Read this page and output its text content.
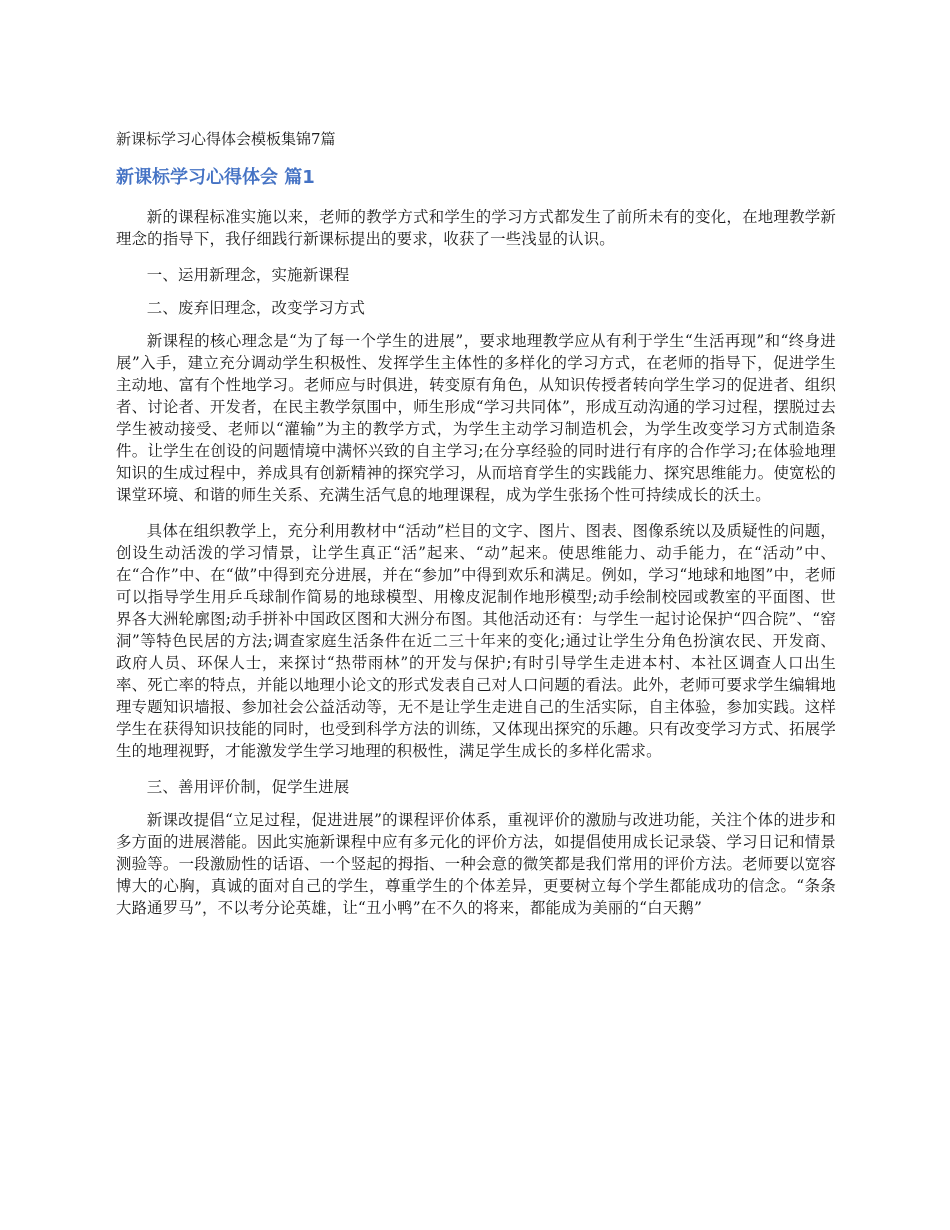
新课标学习心得体会模板集锦7篇
新课标学习心得体会 篇1

新的课程标准实施以来，老师的教学方式和学生的学习方式都发生了前所未有的变化，在地理教学新理念的指导下，我仔细践行新课标提出的要求，收获了一些浅显的认识。

一、运用新理念，实施新课程

二、废弃旧理念，改变学习方式

新课程的核心理念是“为了每一个学生的进展”，要求地理教学应从有利于学生“生活再现”和“终身进展”入手，建立充分调动学生积极性、发挥学生主体性的多样化的学习方式，在老师的指导下，促进学生主动地、富有个性地学习。老师应与时俱进，转变原有角色，从知识传授者转向学生学习的促进者、组织者、讨论者、开发者，在民主教学氛围中，师生形成“学习共同体”，形成互动沟通的学习过程，摆脱过去学生被动接受、老师以“灌输”为主的教学方式，为学生主动学习制造机会，为学生改变学习方式制造条件。让学生在创设的问题情境中满怀兴致的自主学习;在分享经验的同时进行有序的合作学习;在体验地理知识的生成过程中，养成具有创新精神的探究学习，从而培育学生的实践能力、探究思维能力。使宽松的课堂环境、和谐的师生关系、充满生活气息的地理课程，成为学生张扬个性可持续成长的沃土。

具体在组织教学上，充分利用教材中“活动”栏目的文字、图片、图表、图像系统以及质疑性的问题，创设生动活泼的学习情景，让学生真正“活”起来、“动”起来。使思维能力、动手能力，在“活动”中、在“合作”中、在“做”中得到充分进展，并在“参加”中得到欢乐和满足。例如，学习“地球和地图”中，老师可以指导学生用乒乓球制作简易的地球模型、用橡皮泥制作地形模型;动手绘制校园或教室的平面图、世界各大洲轮廓图;动手拼补中国政区图和大洲分布图。其他活动还有：与学生一起讨论保护“四合院”、“窑洞”等特色民居的方法;调查家庭生活条件在近二三十年来的变化;通过让学生分角色扮演农民、开发商、政府人员、环保人士，来探讨“热带雨林”的开发与保护;有时引导学生走进本村、本社区调查人口出生率、死亡率的特点，并能以地理小论文的形式发表自己对人口问题的看法。此外，老师可要求学生编辑地理专题知识墙报、参加社会公益活动等，无不是让学生走进自己的生活实际，自主体验，参加实践。这样学生在获得知识技能的同时，也受到科学方法的训练，又体现出探究的乐趣。只有改变学习方式、拓展学生的地理视野，才能激发学生学习地理的积极性，满足学生成长的多样化需求。

三、善用评价制，促学生进展

新课改提倡“立足过程，促进进展”的课程评价体系，重视评价的激励与改进功能，关注个体的进步和多方面的进展潜能。因此实施新课程中应有多元化的评价方法，如提倡使用成长记录袋、学习日记和情景测验等。一段激励性的话语、一个竖起的拇指、一种会意的微笑都是我们常用的评价方法。老师要以宽容博大的心胸，真诚的面对自己的学生，尊重学生的个体差异，更要树立每个学生都能成功的信念。“条条大路通罗马”，不以考分论英雄，让“丑小鸭”在不久的将来，都能成为美丽的“白天鹅”
